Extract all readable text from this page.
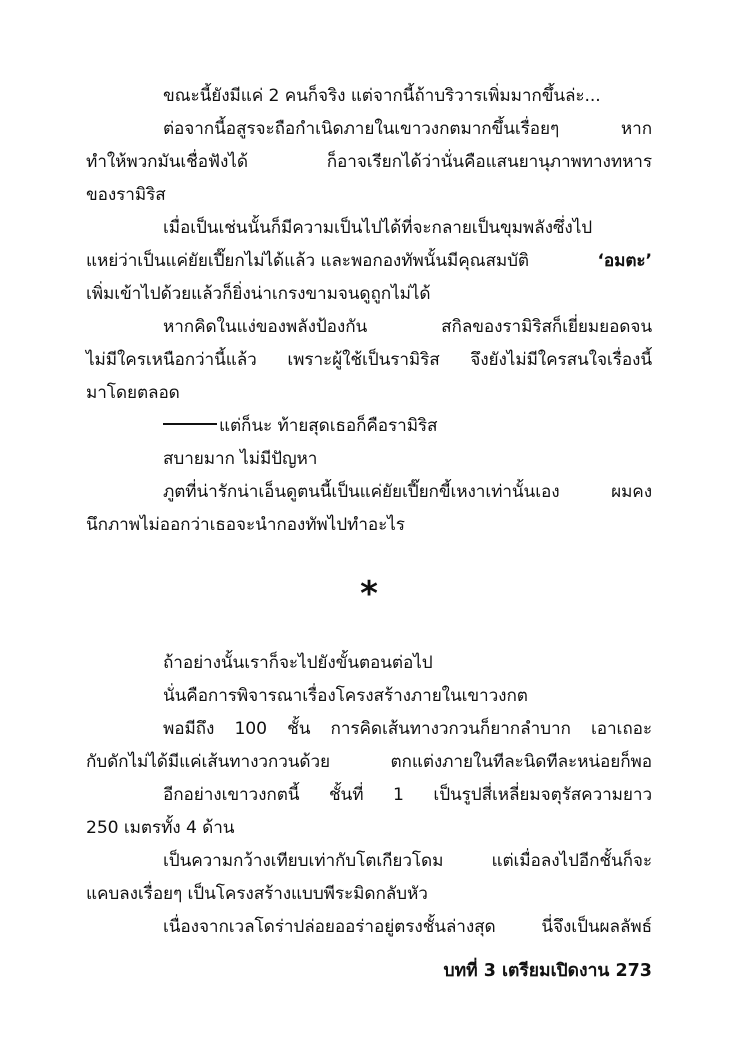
ขณะนี้ยังมีแค่ 2 คนก็จริง แต่จากนี้ถ้าบริวารเพิ่มมากขึ้นล่ะ...
ต่อจากนี้อสูรจะถือกำเนิดภายในเขาวงกตมากขึ้นเรื่อยๆ หาก
ทำให้พวกมันเชื่อฟังได้ ก็อาจเรียกได้ว่านั่นคือแสนยานุภาพทางทหาร
ของรามิริส
เมื่อเป็นเช่นนั้นก็มีความเป็นไปได้ที่จะกลายเป็นขุมพลังซึ่งไป
แหย่ว่าเป็นแค่ยัยเปี๊ยกไม่ได้แล้ว และพอกองทัพนั้นมีคุณสมบัติ	‘อมตะ’
เพิ่มเข้าไปด้วยแล้วก็ยิ่งน่าเกรงขามจนดูถูกไม่ได้
หากคิดในแง่ของพลังป้องกัน สกิลของรามิริสก็เยี่ยมยอดจน
ไม่มีใครเหนือกว่านี้แล้ว เพราะผู้ใช้เป็นรามิริส จึงยังไม่มีใครสนใจเรื่องนี้
มาโดยตลอด
แต่ก็นะ ท้ายสุดเธอก็คือรามิริส
สบายมาก ไม่มีปัญหา
ภูตที่น่ารักน่าเอ็นดูตนนี้เป็นแค่ยัยเปี๊ยกขี้เหงาเท่านั้นเอง ผมคง
นึกภาพไม่ออกว่าเธอจะนำกองทัพไปทำอะไร
*
ถ้าอย่างนั้นเราก็จะไปยังขั้นตอนต่อไป
นั่นคือการพิจารณาเรื่องโครงสร้างภายในเขาวงกต
พอมีถึง 100 ชั้น การคิดเส้นทางวกวนก็ยากลำบาก เอาเถอะ
กับดักไม่ได้มีแค่เส้นทางวกวนด้วย ตกแต่งภายในทีละนิดทีละหน่อยก็พอ
อีกอย่างเขาวงกตนี้ ชั้นที่ 1 เป็นรูปสี่เหลี่ยมจตุรัสความยาว
250 เมตรทั้ง 4 ด้าน
เป็นความกว้างเทียบเท่ากับโตเกียวโดม แต่เมื่อลงไปอีกชั้นก็จะ
แคบลงเรื่อยๆ เป็นโครงสร้างแบบพีระมิดกลับหัว
เนื่องจากเวลโดร่าปล่อยออร่าอยู่ตรงชั้นล่างสุด นี่จึงเป็นผลลัพธ์
บทที่ 3 เตรียมเปิดงาน 273
